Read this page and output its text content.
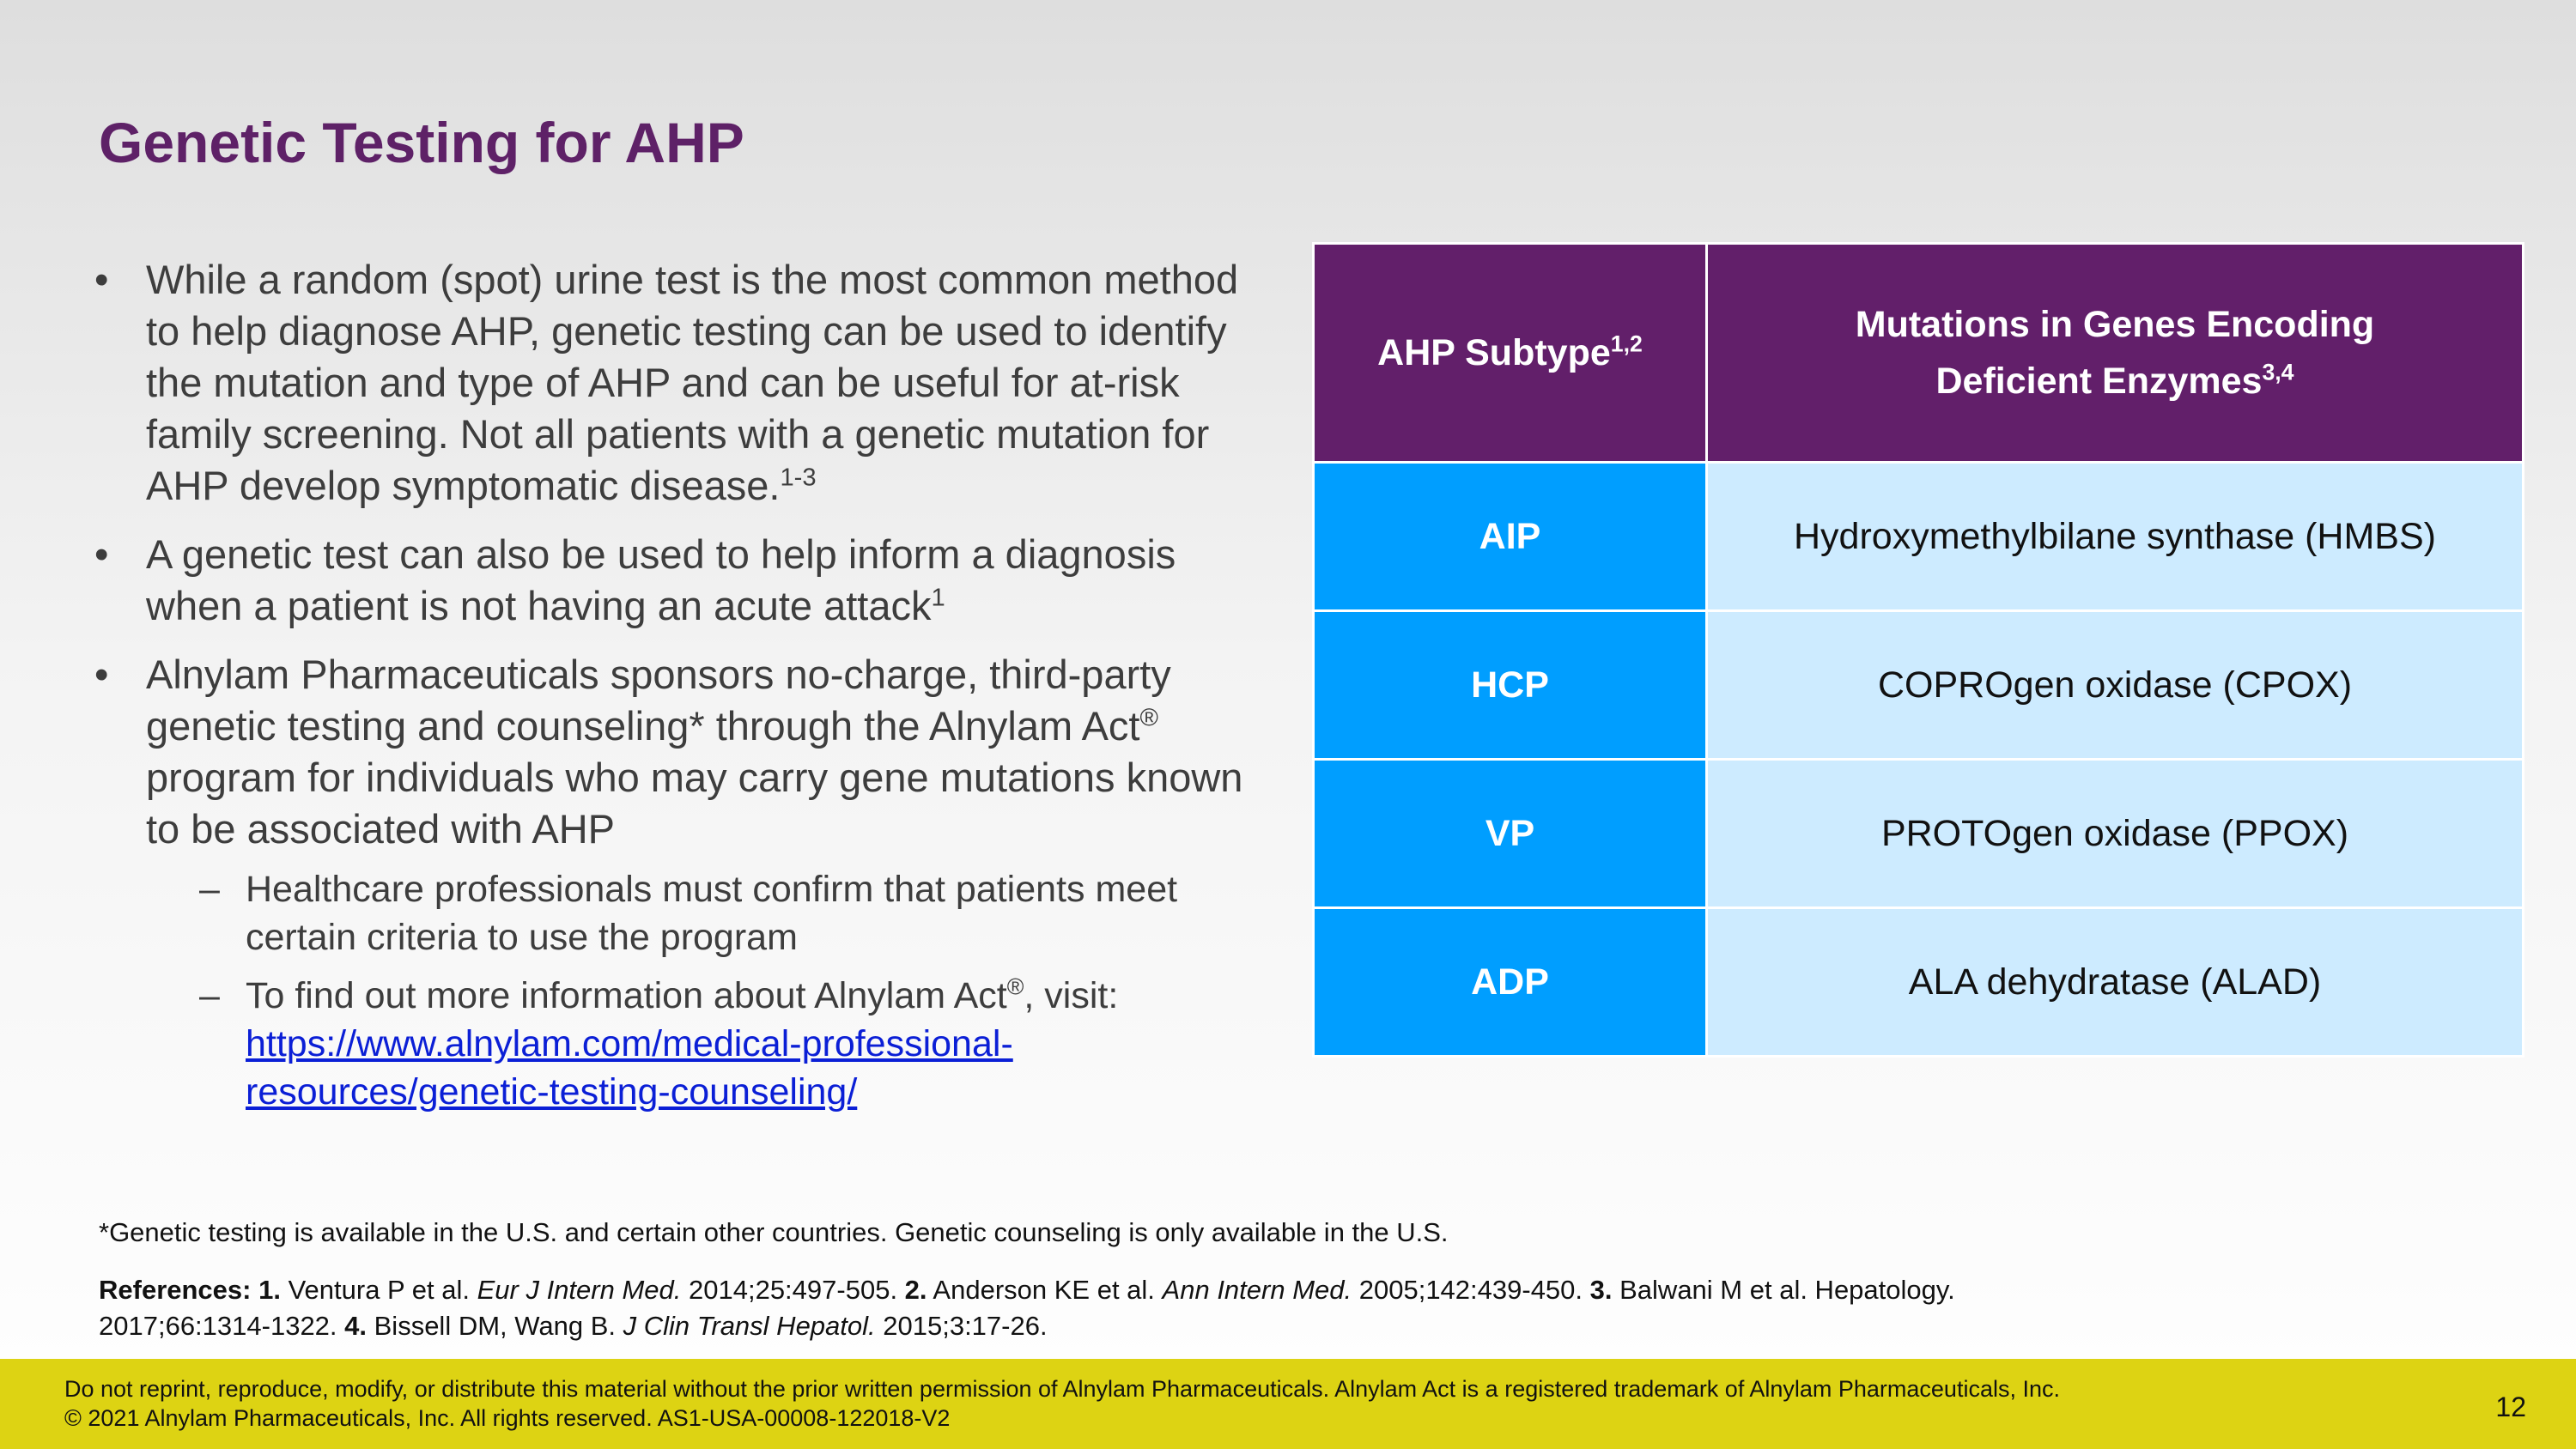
Genetic Testing for AHP
• While a random (spot) urine test is the most common method to help diagnose AHP, genetic testing can be used to identify the mutation and type of AHP and can be useful for at-risk family screening. Not all patients with a genetic mutation for AHP develop symptomatic disease.$^{1-3}$
• A genetic test can also be used to help inform a diagnosis when a patient is not having an acute attack$^1$
• Alnylam Pharmaceuticals sponsors no-charge, third-party genetic testing and counseling* through the Alnylam Act® program for individuals who may carry gene mutations known to be associated with AHP
– Healthcare professionals must confirm that patients meet certain criteria to use the program
– To find out more information about Alnylam Act®, visit:
https://www.alnylam.com/medical-professional-resources/genetic-testing-counseling/
AHP Subtype$^{1,2}$	Mutations in Genes Encoding
Deficient Enzymes$^{3,4}$
AIP	Hydroxymethylbilane synthase (HMBS)
HCP	COPROgen oxidase (CPOX)
VP	PROTOgen oxidase (PPOX)
ADP	ALA dehydratase (ALAD)
*Genetic testing is available in the U.S. and certain other countries. Genetic counseling is only available in the U.S.
References: 1. Ventura P et al. Eur J Intern Med. 2014;25:497-505. 2. Anderson KE et al. Ann Intern Med. 2005;142:439-450. 3. Balwani M et al. Hepatology. 2017;66:1314-1322. 4. Bissell DM, Wang B. J Clin Transl Hepatol. 2015;3:17-26.
Do not reprint, reproduce, modify, or distribute this material without the prior written permission of Alnylam Pharmaceuticals. Alnylam Act is a registered trademark of Alnylam Pharmaceuticals, Inc.
© 2021 Alnylam Pharmaceuticals, Inc. All rights reserved. AS1-USA-00008-122018-V2	12
